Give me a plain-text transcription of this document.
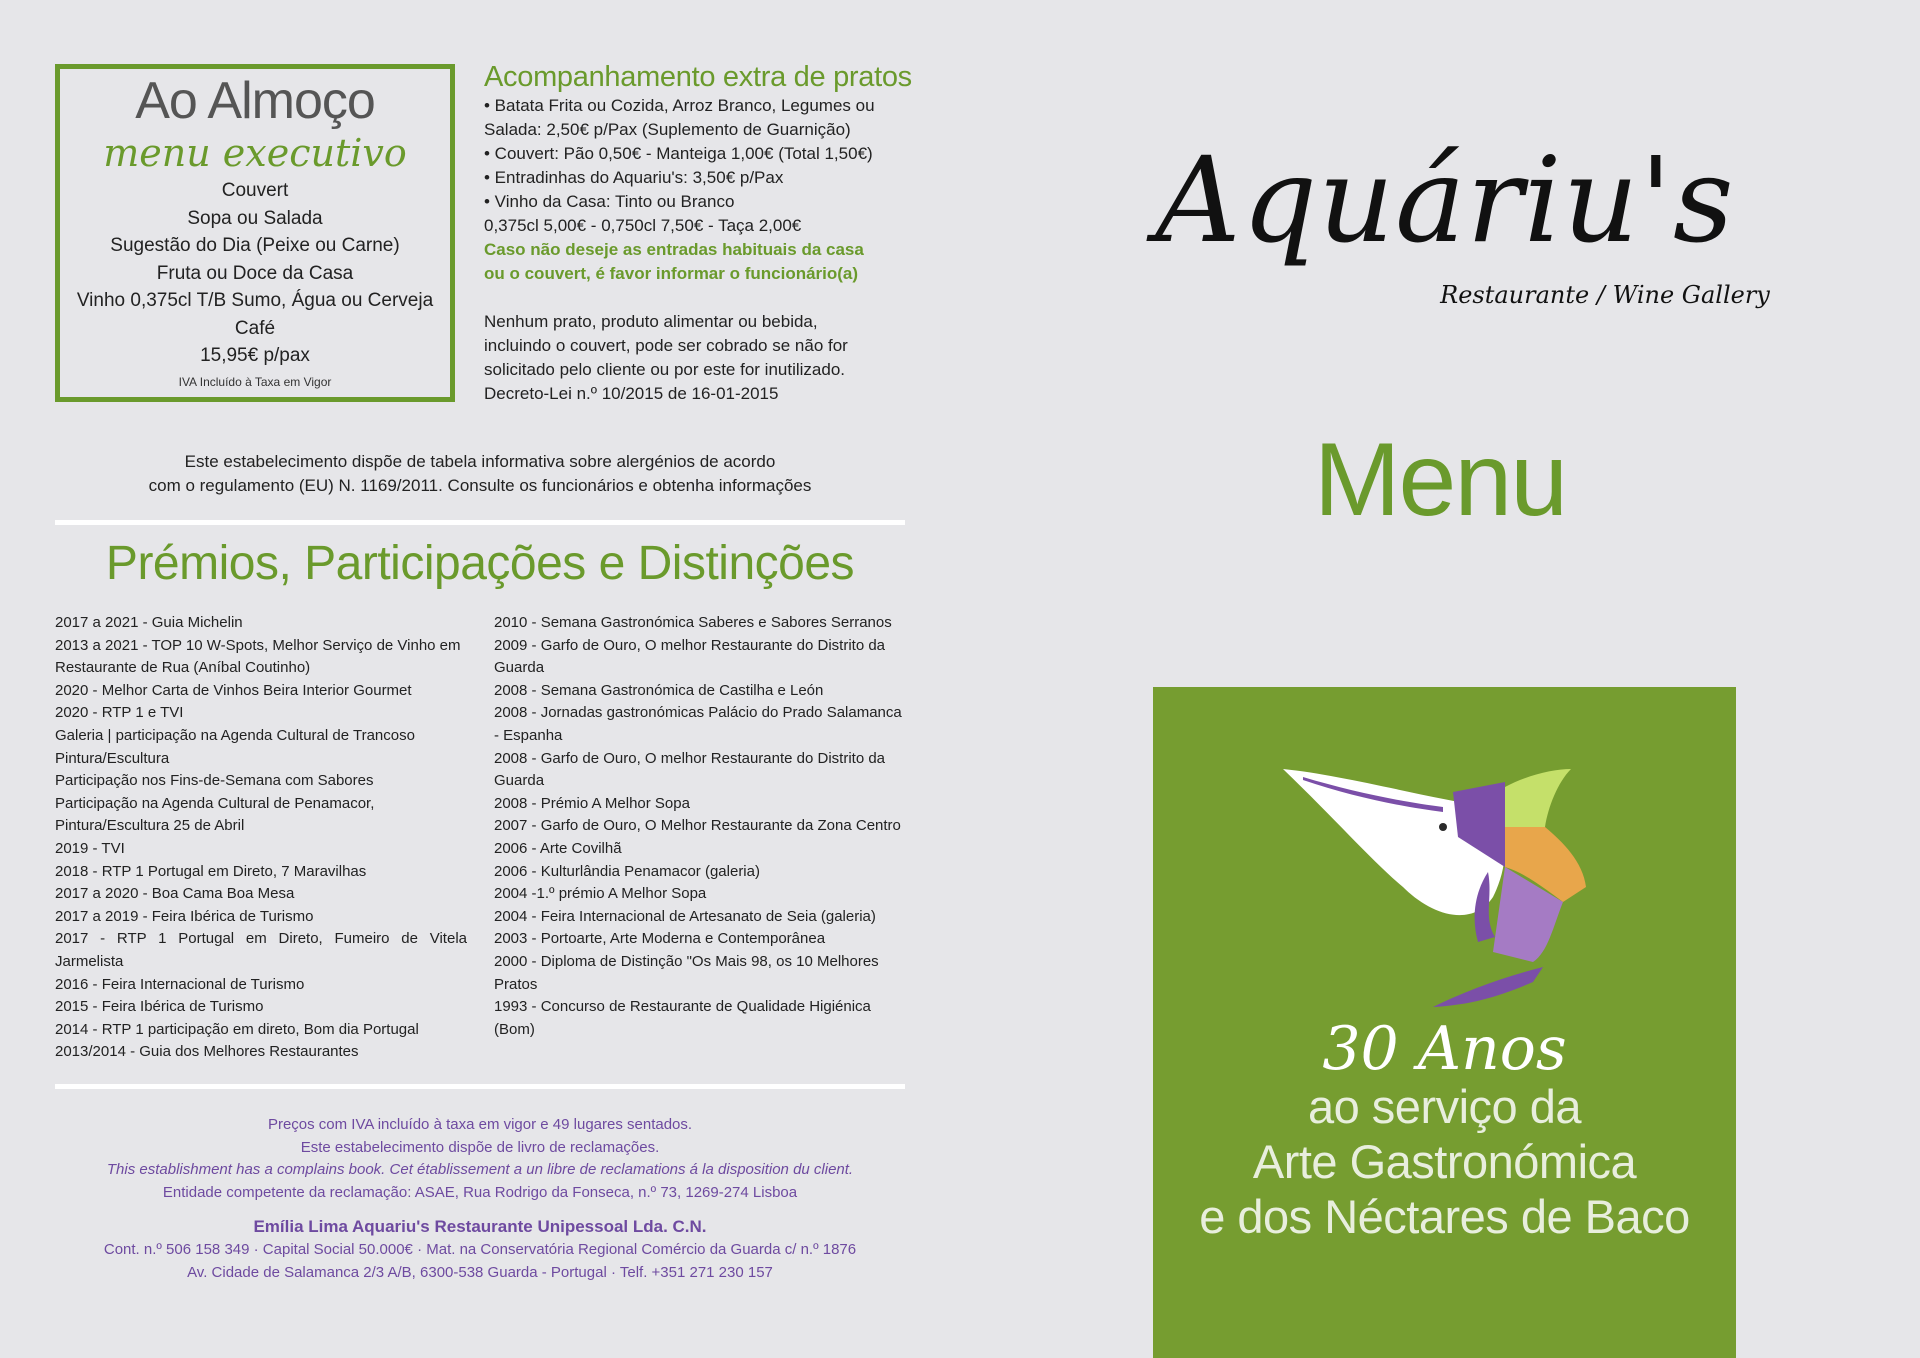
Ao Almoço
menu executivo
Couvert
Sopa ou Salada
Sugestão do Dia (Peixe ou Carne)
Fruta ou Doce da Casa
Vinho 0,375cl T/B Sumo, Água ou Cerveja
Café
15,95€ p/pax
IVA Incluído à Taxa em Vigor
Acompanhamento extra de pratos
• Batata Frita ou Cozida, Arroz Branco, Legumes ou
Salada: 2,50€ p/Pax (Suplemento de Guarnição)
• Couvert: Pão 0,50€ - Manteiga 1,00€ (Total 1,50€)
• Entradinhas do Aquariu's: 3,50€ p/Pax
• Vinho da Casa: Tinto ou Branco
0,375cl 5,00€ - 0,750cl 7,50€ - Taça 2,00€
Caso não deseje as entradas habituais da casa
ou o couvert, é favor informar o funcionário(a)
Nenhum prato, produto alimentar ou bebida,
incluindo o couvert, pode ser cobrado se não for
solicitado pelo cliente ou por este for inutilizado.
Decreto-Lei n.º 10/2015 de 16-01-2015
Este estabelecimento dispõe de tabela informativa sobre alergénios de acordo
com o regulamento (EU) N. 1169/2011. Consulte os funcionários e obtenha informações
Prémios, Participações e Distinções
2017 a 2021 - Guia Michelin
2013 a 2021 - TOP 10 W-Spots, Melhor Serviço de Vinho em Restaurante de Rua (Aníbal Coutinho)
2020 - Melhor Carta de Vinhos Beira Interior Gourmet
2020 - RTP 1 e TVI
Galeria | participação na Agenda Cultural de Trancoso Pintura/Escultura
Participação nos Fins-de-Semana com Sabores
Participação na Agenda Cultural de Penamacor, Pintura/Escultura 25 de Abril
2019 - TVI
2018 - RTP 1 Portugal em Direto, 7 Maravilhas
2017 a 2020 - Boa Cama Boa Mesa
2017 a 2019 - Feira Ibérica de Turismo
2017 - RTP 1 Portugal em Direto, Fumeiro de Vitela Jarmelista
2016 - Feira Internacional de Turismo
2015 - Feira Ibérica de Turismo
2014 - RTP 1 participação em direto, Bom dia Portugal
2013/2014 - Guia dos Melhores Restaurantes
2010 - Semana Gastronómica Saberes e Sabores Serranos
2009 - Garfo de Ouro, O melhor Restaurante do Distrito da Guarda
2008 - Semana Gastronómica de Castilha e León
2008 - Jornadas gastronómicas Palácio do Prado Salamanca - Espanha
2008 - Garfo de Ouro, O melhor Restaurante do Distrito da Guarda
2008 - Prémio A Melhor Sopa
2007 - Garfo de Ouro, O Melhor Restaurante da Zona Centro
2006 - Arte Covilhã
2006 - Kulturlândia Penamacor (galeria)
2004 -1.º prémio A Melhor Sopa
2004 - Feira Internacional de Artesanato de Seia (galeria)
2003 - Portoarte, Arte Moderna e Contemporânea
2000 - Diploma de Distinção "Os Mais 98, os 10 Melhores Pratos
1993 - Concurso de Restaurante de Qualidade Higiénica (Bom)
Preços com IVA incluído à taxa em vigor e 49 lugares sentados.
Este estabelecimento dispõe de livro de reclamações.
This establishment has a complains book. Cet établissement a un libre de reclamations á la disposition du client.
Entidade competente da reclamação: ASAE, Rua Rodrigo da Fonseca, n.º 73, 1269-274 Lisboa
Emília Lima Aquariu's Restaurante Unipessoal Lda. C.N.
Cont. n.º 506 158 349 · Capital Social 50.000€ · Mat. na Conservatória Regional Comércio da Guarda c/ n.º 1876
Av. Cidade de Salamanca 2/3 A/B, 6300-538 Guarda - Portugal · Telf. +351 271 230 157
Aquáriu's
Restaurante / Wine Gallery
Menu
30 Anos
ao serviço da
Arte Gastronómica
e dos Néctares de Baco
